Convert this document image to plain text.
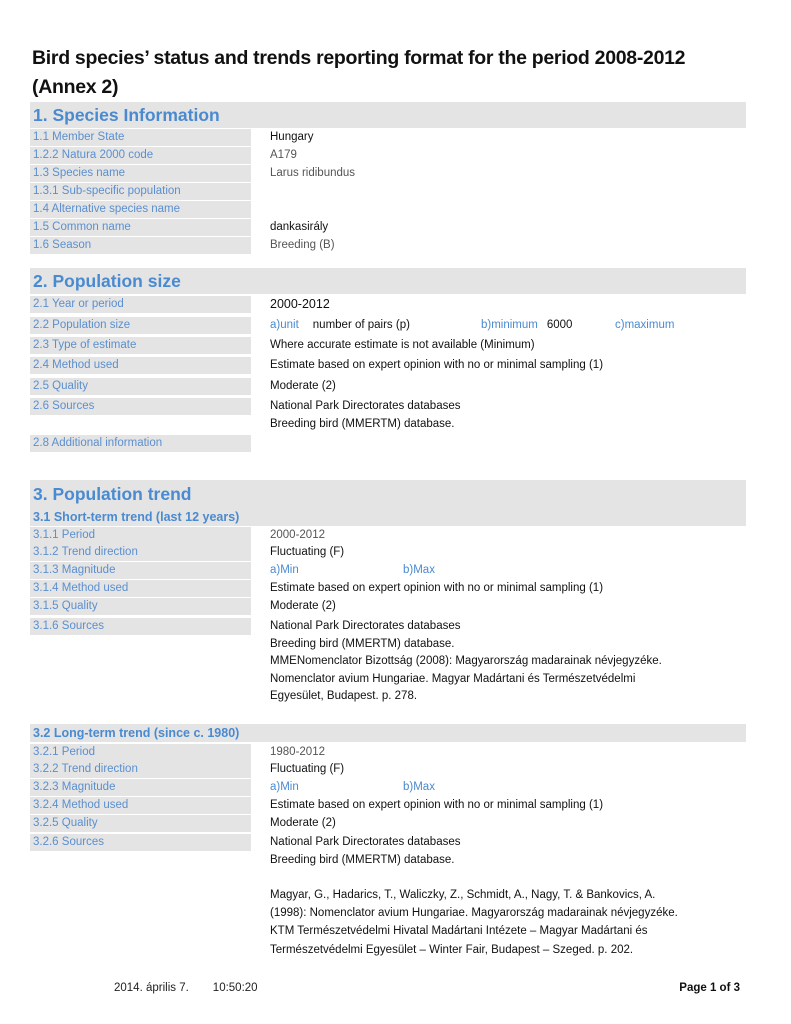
Bird species’ status and trends reporting format for the period 2008-2012
(Annex 2)
1. Species Information
1.1 Member State	Hungary
1.2.2 Natura 2000 code	A179
1.3 Species name	Larus ridibundus
1.3.1 Sub-specific population
1.4 Alternative species name
1.5 Common name	dankasirály
1.6 Season	Breeding (B)
2. Population size
2.1 Year or period	2000-2012
2.2 Population size	a)unit number of pairs (p)	b)minimum 6000	c)maximum
2.3 Type of estimate	Where accurate estimate is not available (Minimum)
2.4 Method used	Estimate based on expert opinion with no or minimal sampling (1)
2.5 Quality	Moderate (2)
2.6 Sources	National Park Directorates databases
Breeding bird (MMERTM) database.
2.8 Additional information
3. Population trend
3.1 Short-term trend (last 12 years)
3.1.1 Period	2000-2012
3.1.2 Trend direction	Fluctuating (F)
3.1.3 Magnitude	a)Min	b)Max
3.1.4 Method used	Estimate based on expert opinion with no or minimal sampling (1)
3.1.5 Quality	Moderate (2)
3.1.6 Sources	National Park Directorates databases
Breeding bird (MMERTM) database.
MMENomenclator Bizottság (2008): Magyarország madarainak névjegyzéke.
Nomenclator avium Hungariae. Magyar Madártani és Természetvédelmi
Egyesület, Budapest. p. 278.
3.2 Long-term trend (since c. 1980)
3.2.1 Period	1980-2012
3.2.2 Trend direction	Fluctuating (F)
3.2.3 Magnitude	a)Min	b)Max
3.2.4 Method used	Estimate based on expert opinion with no or minimal sampling (1)
3.2.5 Quality	Moderate (2)
3.2.6 Sources	National Park Directorates databases
Breeding bird (MMERTM) database.
Magyar, G., Hadarics, T., Waliczky, Z., Schmidt, A., Nagy, T. & Bankovics, A.
(1998): Nomenclator avium Hungariae. Magyarország madarainak névjegyzéke.
KTM Természetvédelmi Hivatal Madártani Intézete – Magyar Madártani és
Természetvédelmi Egyesület – Winter Fair, Budapest – Szeged. p. 202.
2014. április 7. 10:50:20	Page 1 of 3
